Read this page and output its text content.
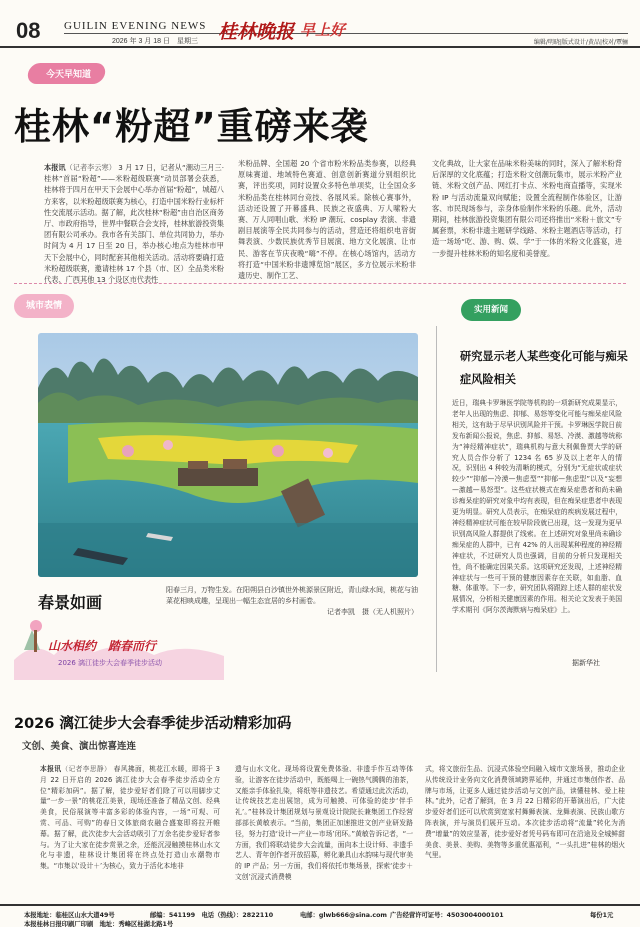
08 GUILIN EVENING NEWS
2026 年 3 月 18 日　星期三 桂林晚报 早上好
编辑/明晓|版式设计/黄品|校对/覃骊
今天早知道
桂林“粉超”重磅来袭
本报讯（记者李云寒） 3 月 17 日，记者从“潮动三月三·桂林”首届“粉超”——米粉超级联赛”动员部署会获悉，桂林将于四月在甲天下会展中心举办首届“粉超”，城超八方来客，以米粉超级联赛为核心，打造中国米粉行业标杆性交流展示活动。据了解，此次桂林“粉超”由自治区商务厅、市政府指导，世界中餐联合会支持，桂林旅游投资集团有限公司承办。我市各有关部门、单位共同协力，举办时间为 4 月 17 日至 20 日，举办核心地点为桂林市甲天下会展中心，同时配套其他相关活动。活动将要确打造米粉超级联赛，邀请桂林 17 个县（市、区）全品类米粉代表、广西其他 13 个设区市代表性
米粉品牌、全国超 20 个省市粉米粉品类参赛，以经典原味赛道、地域特色赛道、创意创新赛道分别组织比赛，评出奖项，同时设置众多特色单项奖，让全国众多米粉品类在桂林同台竞技、各展风采。除核心赛事外，活动还设置了开幕盛典、民族之夜盛典、万人嗦粉大赛、万人同唱山歌、米粉 IP 潮玩、cosplay 表演、非遗剧目展演等全民共同参与的活动，营造还将组织电音街舞表演、少数民族优秀节目展演、地方文化展演、让市民、游客在节庆夜晚“嗨”不停。在核心场馆内，活动方将打造“中国米粉非遗博览馆”展区，多方位展示米粉非遗历史、制作工艺、
文化典故，让大家在品味米粉美味的同时，深入了解米粉背后深厚的文化底蕴；打造米粉文创潮玩集市，展示米粉产业链、米粉文创产品、网红打卡点、米粉电商直播等，实现米粉 IP 与活动流量双向赋能；设置全流程制作体验区，让游客、市民现场参与，亲身体验制作米粉的乐趣。此外，活动期间，桂林旅游投资集团有限公司还将推出“米粉＋旅文”专属套票，米粉非遗主题研学线路、米粉主题酒店等活动，打造一场场“吃、游、购、娱、学”于一体的米粉文化盛宴，进一步提升桂林米粉的知名度和美誉度。
城市表情
春景如画
阳春三月，万物生发。在阳朔县白沙镇世外桃源景区附近，青山绿水间，桃花与油菜花相映成趣，呈现出一幅生态宜居的乡村画卷。
记者李凯　摄（无人机照片）
实用新闻
研究显示老人某些变化可能与痴呆症风险相关
近日，瑞典卡罗琳医学院等机构的一项新研究成果显示，老年人出现的焦虑、抑郁、易怒等变化可能与痴呆症风险相关，这有助于尽早识别风险并干预。卡罗琳医学院日前发布新闻公报说，焦虑、抑郁、易怒、冷漠、激越等统称为“神经精神症状”，瑞典机构与意大利佩鲁贾大学的研究人员合作分析了 1234 名 65 岁及以上老年人的情况，识别出 4 种较为清晰的模式，分别为“无症状或症状较少”“抑郁—冷漠—焦虑型”“抑郁—焦虑型”以及“妄想—激越—易怒型”。这些症状模式在痴呆症患者和尚未确诊痴呆症的研究对象中均有表现，但在痴呆症患者中表现更为明显。研究人员表示，在痴呆症的疾病发展过程中，神经精神症状可能在较早阶段就已出现，这一发现为更早识别高风险人群提供了线索。在上述研究对象里尚未确诊痴呆症的人群中，已有 42% 的人出现某种程度的神经精神症状，不过研究人员也强调，目前的分析只发现相关性，尚不能确定因果关系。这项研究还发现，上述神经精神症状与一些可干预的健康因素存在关联，如血脂、血糖、体重等。下一步，研究团队将跟踪上述人群的症状发展情况，分析相关健康因素的作用。相关论文发表于美国学术期刊《阿尔茨海默病与痴呆症》上。
据新华社
山水相约　踏春而行
2026 漓江徒步大会春季徒步活动
2026 漓江徒步大会春季徒步活动精彩加码
文创、美食、演出惊喜连连
本报讯（记者李思静） 春风拂面，桃花江水暖，即将于 3 月 22 日开启的 2026 漓江徒步大会春季徒步活动全方位“精彩加码”。据了解，徒步爱好者们除了可以用脚步丈量“一步一景”的桃花江美景，现场还准备了精品文创、经典美食，民俗展演等丰富多彩的体验内容，一场“可观、可赏、可品、可购”的春日文体旅商农融合盛宴即将拉开帷幕。据了解，此次徒步大会活动吸引了万余名徒步爱好者参与。为了让大家在徒步赏景之余，还能沉浸触摸桂林山水文化与非遗，桂林设计集团将在终点处打造山水潮物市集。“市集以‘设计＋’为核心，致力于活化本地非
遗与山水文化。现场将设置免费体验、非遗手作互动等体验，让游客在徒步活动中，既能喝上一碗热气腾腾的油茶，又能亲手体验扎染，将纸等非遗技艺。希望通过此次活动，让传统技艺走出展馆，成为可触摸、可体验的徒步‘伴手礼’。”桂林设计集团规划与景观设计院院长兼集团工作经营部部长黄敏表示。“当前，集团正加速推进文创产业研发路径，努力打造‘设计—产业—市场’闭环。”黄敏告诉记者，“一方面，我们将联动徒步大会流量，面向本土设计师、非遗手艺人、青年创作者开放招募，孵化兼具山水韵味与现代审美的 IP 产品；另一方面，我们将依托市集场景，探索‘徒步＋文创’沉浸式消费模
式，将文旅衍生品、沉浸式体验空间融入城市文旅场景，推动企业从传统设计业务向文化消费领域跨界延伸，并通过市集创作者、品牌与市场，让更多人通过徒步活动与文创产品，读懂桂林、爱上桂林。”此外，记者了解到，在 3 月 22 日精彩的开幕演出后，广大徒步爱好者们还可以欣赏到宽家村舞狮表演、龙舞表演、民族山歌方阵表演，并与演员们展开互动。本次徒步活动将“流量”转化为消费“增量”的效应显著，徒步爱好者凭号码布即可在沿途及全城鲜甜美食、美景、美购、美物等多重优惠福利，“一头扎进”桂林的烟火气里。
本报地址：临桂区山水大道49号	邮编：541199　电话（热线）：2822110	电邮：glwb666@sina.com
本报桂林日报印刷厂印刷　地址：秀峰区桂湖北路1号
广告经营许可证号：4503004000101	每份1元
